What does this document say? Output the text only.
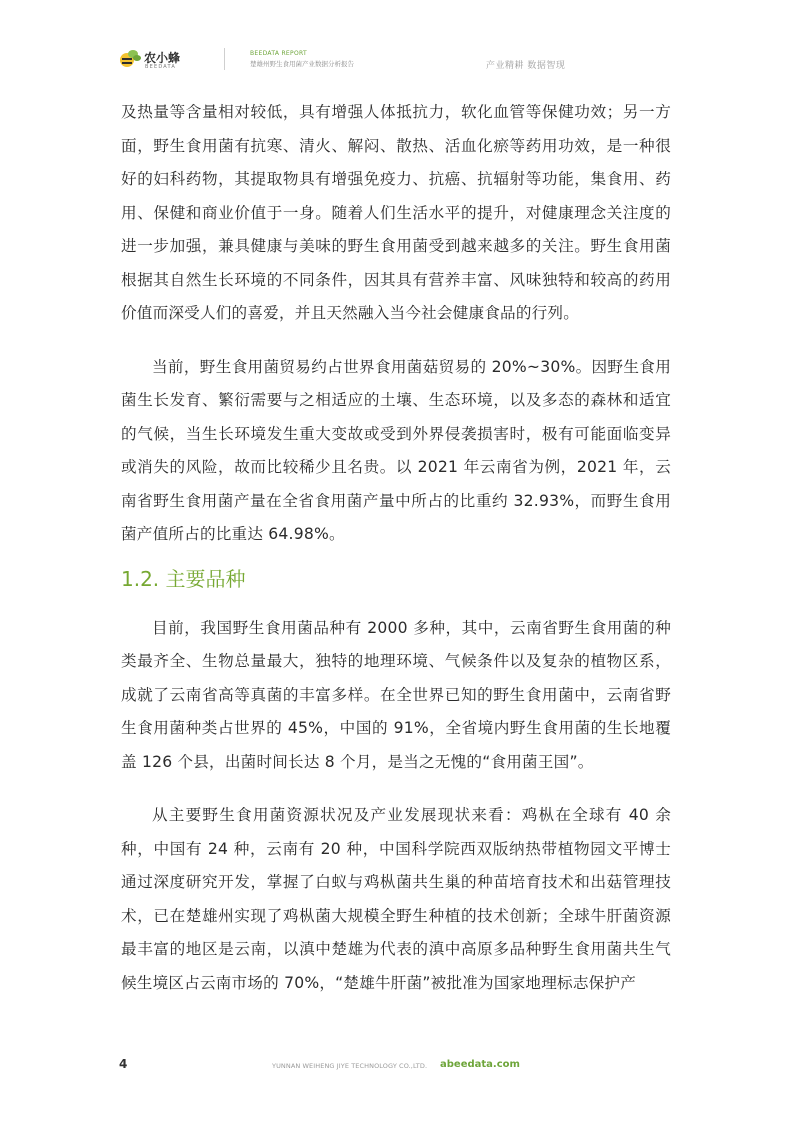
农小蜂
BEEDATA
BEEDATA REPORT
楚雄州野生食用菌产业数据分析报告	产业精耕 数据智现

及热量等含量相对较低，具有增强人体抵抗力，软化血管等保健功效；另一方面，野生食用菌有抗寒、清火、解闷、散热、活血化瘀等药用功效，是一种很好的妇科药物，其提取物具有增强免疫力、抗癌、抗辐射等功能，集食用、药用、保健和商业价值于一身。随着人们生活水平的提升，对健康理念关注度的进一步加强，兼具健康与美味的野生食用菌受到越来越多的关注。野生食用菌根据其自然生长环境的不同条件，因其具有营养丰富、风味独特和较高的药用价值而深受人们的喜爱，并且天然融入当今社会健康食品的行列。

当前，野生食用菌贸易约占世界食用菌菇贸易的 20%~30%。因野生食用菌生长发育、繁衍需要与之相适应的土壤、生态环境，以及多态的森林和适宜的气候，当生长环境发生重大变故或受到外界侵袭损害时，极有可能面临变异或消失的风险，故而比较稀少且名贵。以 2021 年云南省为例，2021 年，云南省野生食用菌产量在全省食用菌产量中所占的比重约 32.93%，而野生食用菌产值所占的比重达 64.98%。

1.2. 主要品种

目前，我国野生食用菌品种有 2000 多种，其中，云南省野生食用菌的种类最齐全、生物总量最大，独特的地理环境、气候条件以及复杂的植物区系，成就了云南省高等真菌的丰富多样。在全世界已知的野生食用菌中，云南省野生食用菌种类占世界的 45%，中国的 91%，全省境内野生食用菌的生长地覆盖 126 个县，出菌时间长达 8 个月，是当之无愧的“食用菌王国”。

从主要野生食用菌资源状况及产业发展现状来看：鸡枞在全球有 40 余种，中国有 24 种，云南有 20 种，中国科学院西双版纳热带植物园文平博士通过深度研究开发，掌握了白蚁与鸡枞菌共生巢的种苗培育技术和出菇管理技术，已在楚雄州实现了鸡枞菌大规模全野生种植的技术创新；全球牛肝菌资源最丰富的地区是云南，以滇中楚雄为代表的滇中高原多品种野生食用菌共生气候生境区占云南市场的 70%，“楚雄牛肝菌”被批准为国家地理标志保护产

4	YUNNAN WEIHENG JIYE TECHNOLOGY CO.,LTD. abeedata.com
